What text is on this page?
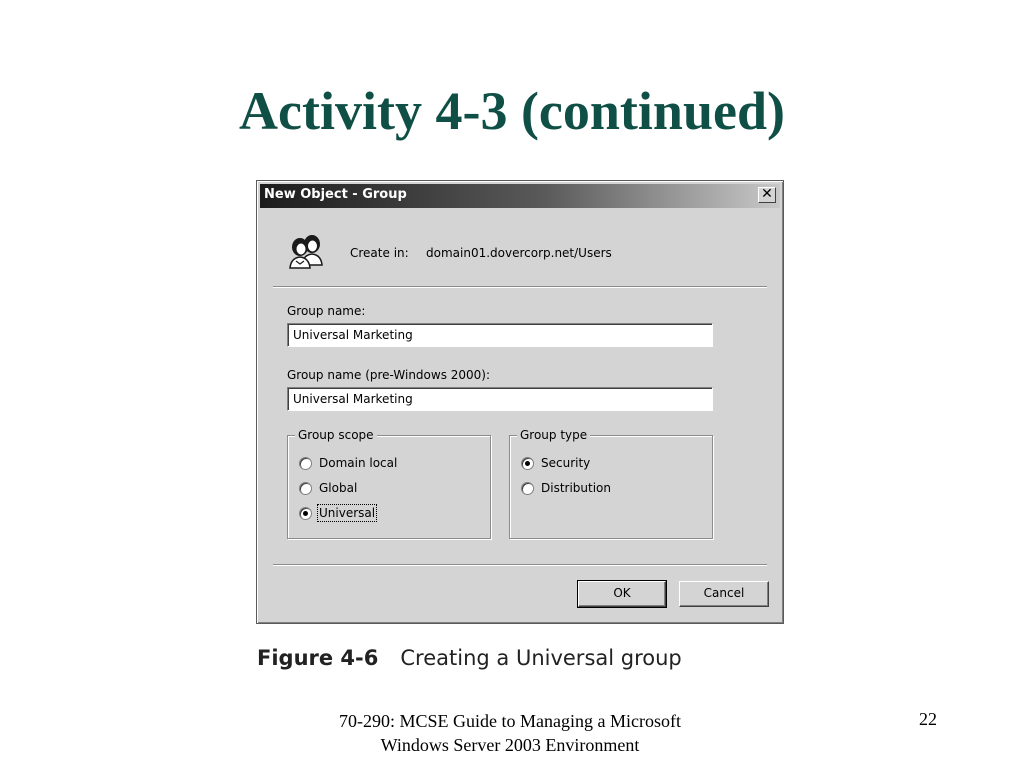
Activity 4-3 (continued)
New Object - Group	✕
Create in: domain01.dovercorp.net/Users
Group name:
Universal Marketing
Group name (pre-Windows 2000):
Universal Marketing
Group scope
Domain local
Global
Universal
Group type
Security
Distribution
OK	Cancel
Figure 4-6 Creating a Universal group
70-290: MCSE Guide to Managing a Microsoft
Windows Server 2003 Environment
22
